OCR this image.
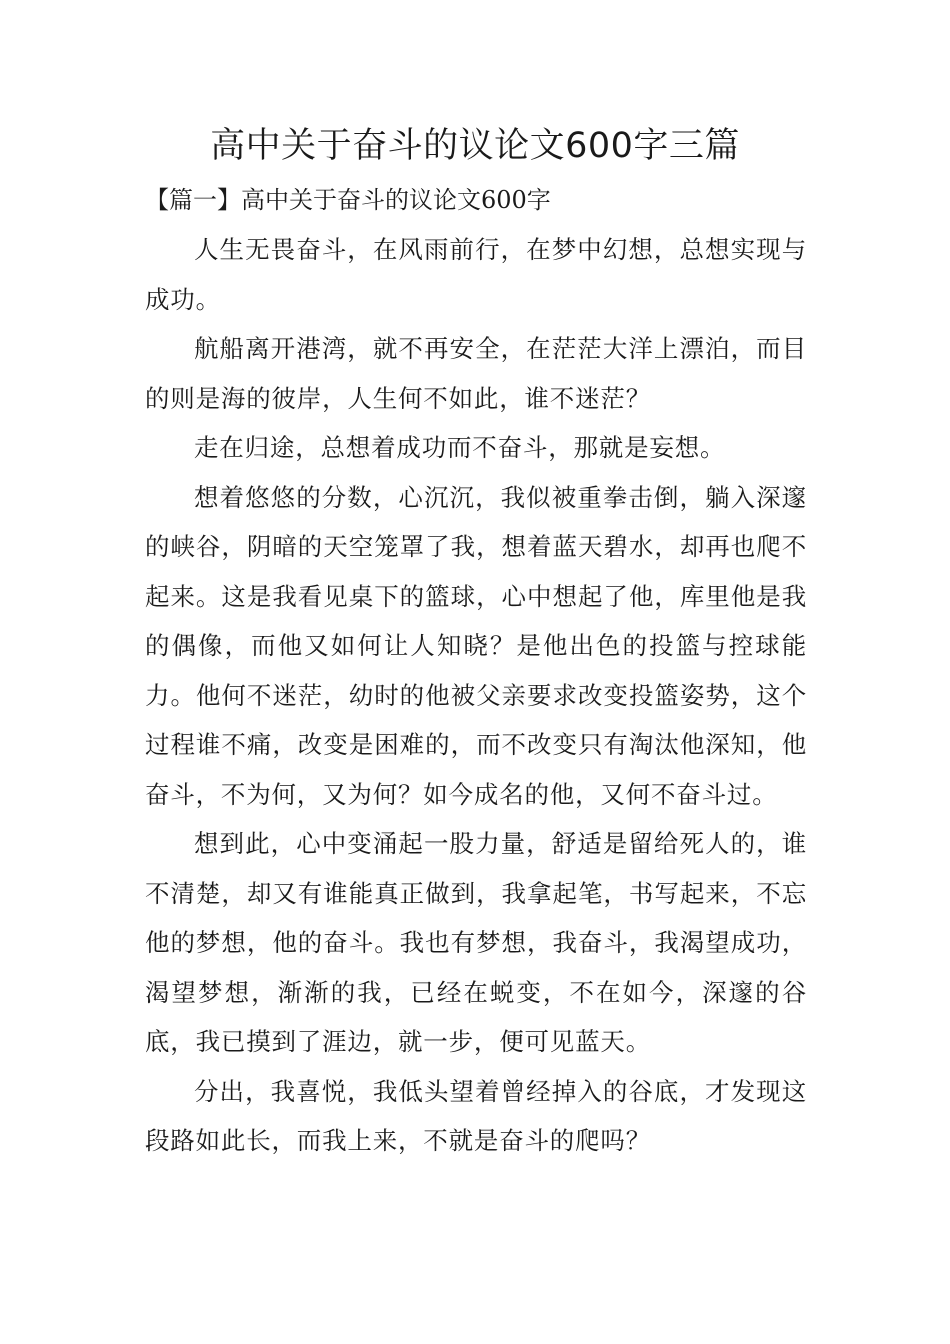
高中关于奋斗的议论文600字三篇
【篇一】高中关于奋斗的议论文600字

人生无畏奋斗，在风雨前行，在梦中幻想，总想实现与成功。

航船离开港湾，就不再安全，在茫茫大洋上漂泊，而目的则是海的彼岸，人生何不如此，谁不迷茫？

走在归途，总想着成功而不奋斗，那就是妄想。

想着悠悠的分数，心沉沉，我似被重拳击倒，躺入深邃的峡谷，阴暗的天空笼罩了我，想着蓝天碧水，却再也爬不起来。这是我看见桌下的篮球，心中想起了他，库里他是我的偶像，而他又如何让人知晓？是他出色的投篮与控球能力。他何不迷茫，幼时的他被父亲要求改变投篮姿势，这个过程谁不痛，改变是困难的，而不改变只有淘汰他深知，他奋斗，不为何，又为何？如今成名的他，又何不奋斗过。

想到此，心中变涌起一股力量，舒适是留给死人的，谁不清楚，却又有谁能真正做到，我拿起笔，书写起来，不忘他的梦想，他的奋斗。我也有梦想，我奋斗，我渴望成功，渴望梦想，渐渐的我，已经在蜕变，不在如今，深邃的谷底，我已摸到了涯边，就一步，便可见蓝天。

分出，我喜悦，我低头望着曾经掉入的谷底，才发现这段路如此长，而我上来，不就是奋斗的爬吗？
